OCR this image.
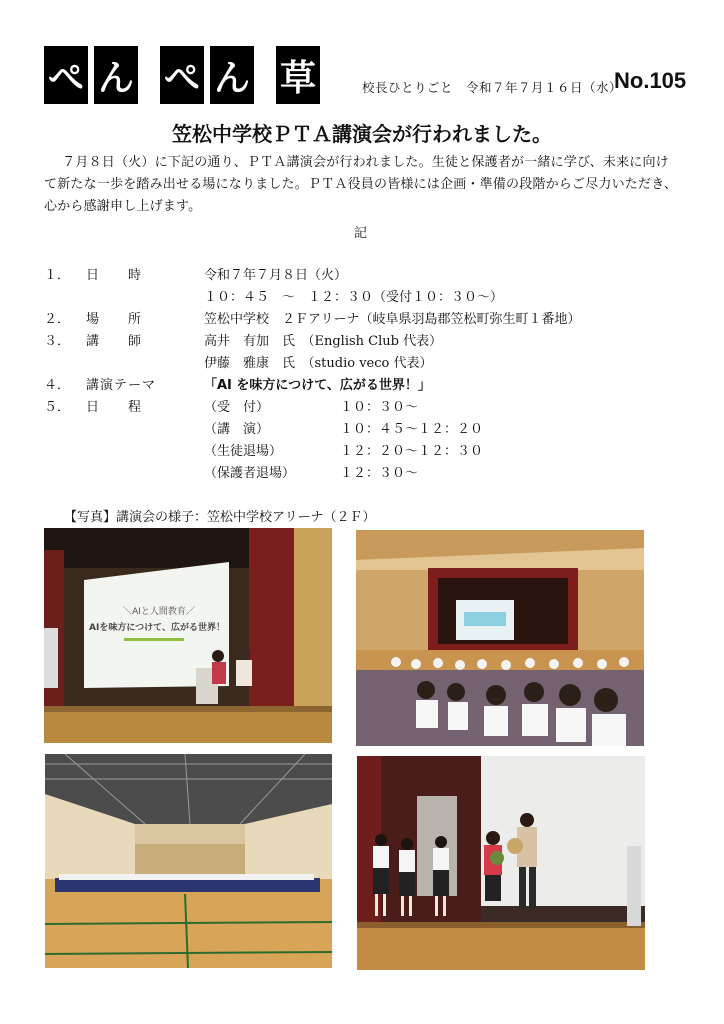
ぺ ん ぺ ん 草	校長ひとりごと　令和７年７月１６日（水）
No.105
笠松中学校ＰＴＡ講演会が行われました。
７月８日（火）に下記の通り、ＰＴＡ講演会が行われました。生徒と保護者が一緒に学び、未来に向けて新たな一歩を踏み出せる場になりました。ＰＴＡ役員の皆様には企画・準備の段階からご尽力いただき、心から感謝申し上げます。
記
１．	日　　時	令和７年７月８日（火）
１０：４５　～　１２：３０（受付１０：３０～）
２．	場　　所	笠松中学校　２Ｆアリーナ（岐阜県羽島郡笠松町弥生町１番地）
３．	講　　師	高井　有加　氏　（English Club 代表）
伊藤　雅康　氏　（studio veco 代表）
４．	講演テーマ	「AI を味方につけて、広がる世界！」
５．	日　　程	（受　付）	１０：３０～
（講　演）	１０：４５～１２：２０
（生徒退場）	１２：２０～１２：３０
（保護者退場）	１２：３０～
【写真】講演会の様子：笠松中学校アリーナ（２Ｆ）
＼AIと人間教育／
AIを味方につけて、広がる世界！
